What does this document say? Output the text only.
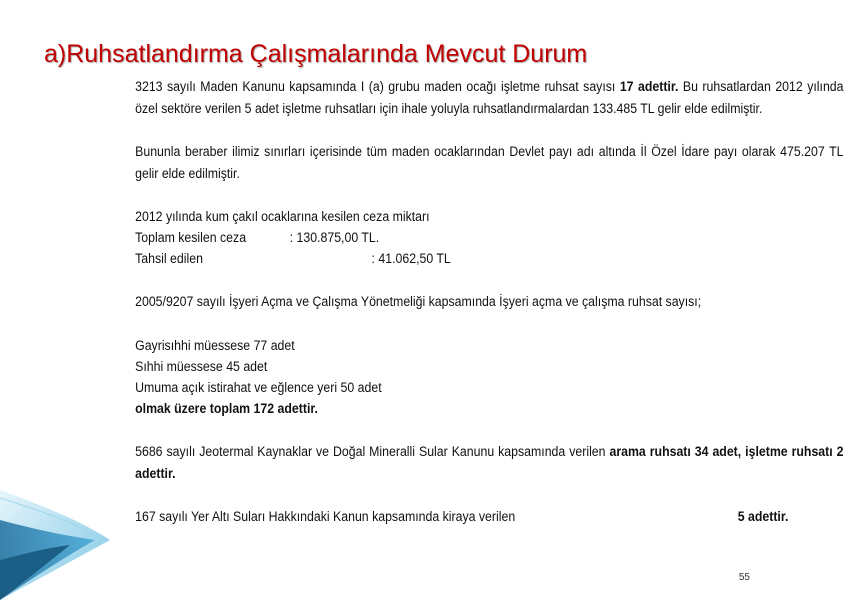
a)Ruhsatlandırma Çalışmalarında Mevcut Durum
3213 sayılı Maden Kanunu kapsamında I (a) grubu maden ocağı işletme ruhsat sayısı 17 adettir. Bu ruhsatlardan 2012 yılında özel sektöre verilen 5 adet işletme ruhsatları için ihale yoluyla ruhsatlandırmalardan 133.485 TL gelir elde edilmiştir.
Bununla beraber ilimiz sınırları içerisinde tüm maden ocaklarından Devlet payı adı altında İl Özel İdare payı olarak 475.207 TL gelir elde edilmiştir.
2012 yılında kum çakıl ocaklarına kesilen ceza miktarı
Toplam kesilen ceza	: 130.875,00 TL.
Tahsil edilen	: 41.062,50 TL
2005/9207 sayılı İşyeri Açma ve Çalışma Yönetmeliği kapsamında İşyeri açma ve çalışma ruhsat sayısı;
Gayrisıhhi müessese 77 adet
Sıhhi müessese 45 adet
Umuma açık istirahat ve eğlence yeri 50 adet
olmak üzere toplam 172 adettir.
5686 sayılı Jeotermal Kaynaklar ve Doğal Mineralli Sular Kanunu kapsamında verilen arama ruhsatı 34 adet, işletme ruhsatı 2 adettir.
167 sayılı Yer Altı Suları Hakkındaki Kanun kapsamında kiraya verilen	5 adettir.
55
